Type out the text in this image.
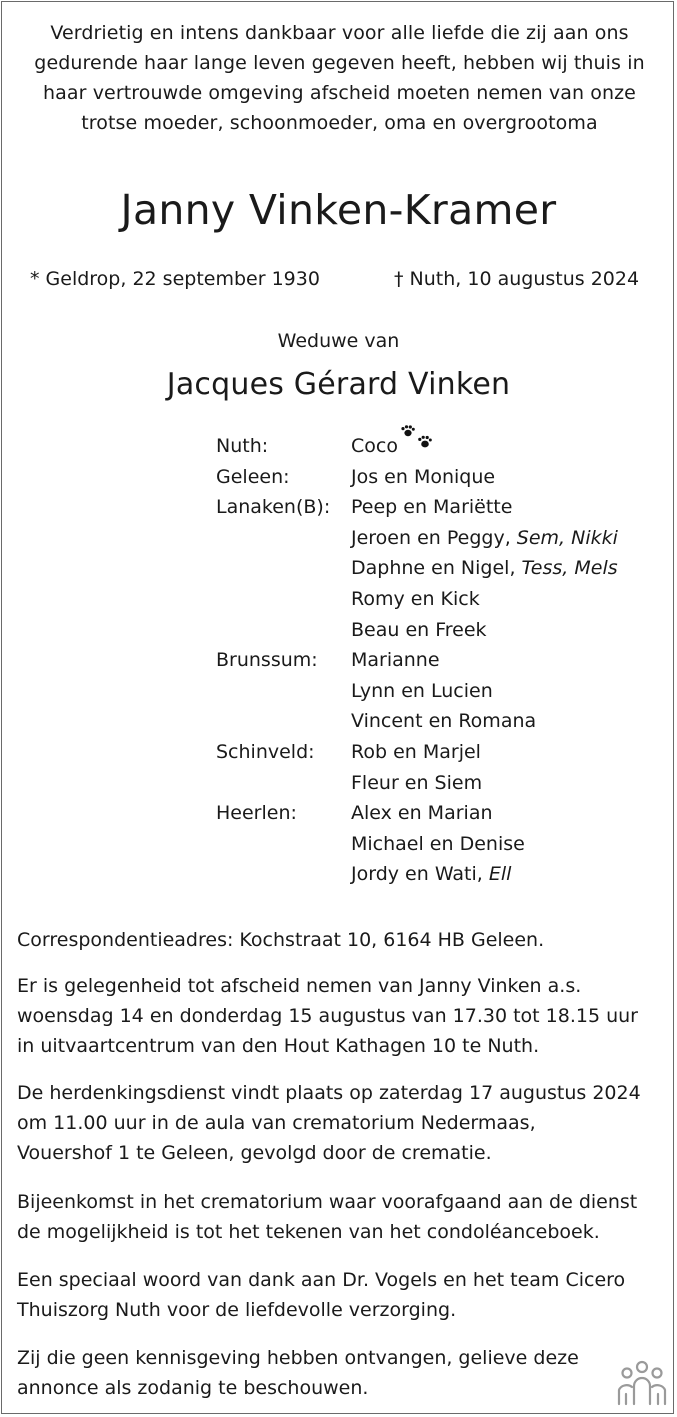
Verdrietig en intens dankbaar voor alle liefde die zij aan ons
gedurende haar lange leven gegeven heeft, hebben wij thuis in
haar vertrouwde omgeving afscheid moeten nemen van onze
trotse moeder, schoonmoeder, oma en overgrootoma

Janny Vinken-Kramer
* Geldrop, 22 september 1930	† Nuth, 10 augustus 2024
Weduwe van
Jacques Gérard Vinken
Nuth:	Coco
Geleen:	Jos en Monique
Lanaken(B): Peep en Mariëtte
Jeroen en Peggy, Sem, Nikki
Daphne en Nigel, Tess, Mels
Romy en Kick
Beau en Freek
Brunssum: Marianne
Lynn en Lucien
Vincent en Romana
Schinveld: Rob en Marjel
Fleur en Siem
Heerlen:	Alex en Marian
Michael en Denise
Jordy en Wati, Ell

Correspondentieadres: Kochstraat 10, 6164 HB Geleen.

Er is gelegenheid tot afscheid nemen van Janny Vinken a.s.
woensdag 14 en donderdag 15 augustus van 17.30 tot 18.15 uur
in uitvaartcentrum van den Hout Kathagen 10 te Nuth.

De herdenkingsdienst vindt plaats op zaterdag 17 augustus 2024
om 11.00 uur in de aula van crematorium Nedermaas,
Vouershof 1 te Geleen, gevolgd door de crematie.

Bijeenkomst in het crematorium waar voorafgaand aan de dienst
de mogelijkheid is tot het tekenen van het condoléanceboek.

Een speciaal woord van dank aan Dr. Vogels en het team Cicero
Thuiszorg Nuth voor de liefdevolle verzorging.

Zij die geen kennisgeving hebben ontvangen, gelieve deze
annonce als zodanig te beschouwen.
